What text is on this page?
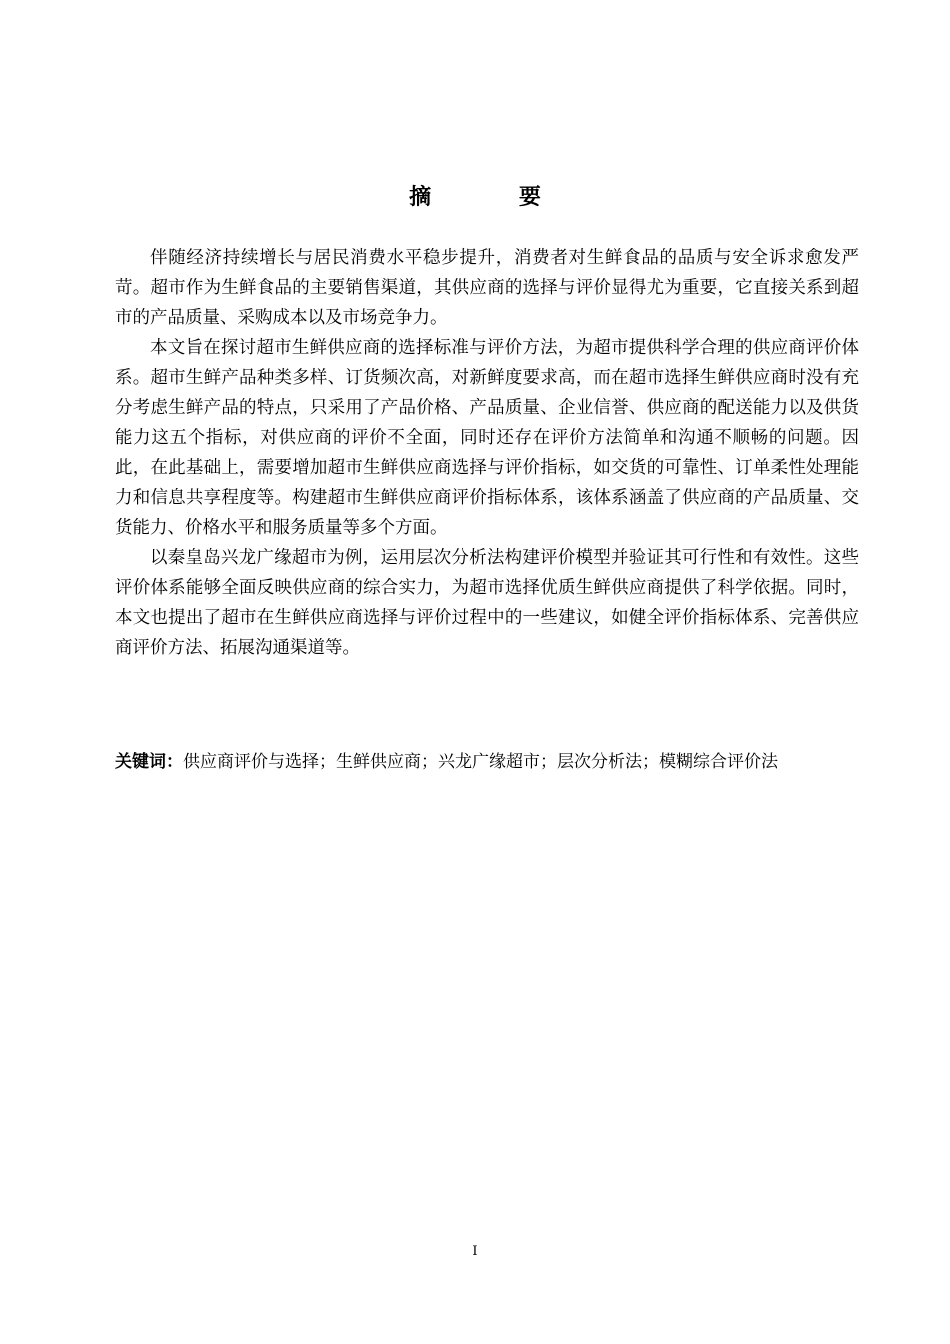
摘 要

伴随经济持续增长与居民消费水平稳步提升，消费者对生鲜食品的品质与安全诉求愈发严苛。超市作为生鲜食品的主要销售渠道，其供应商的选择与评价显得尤为重要，它直接关系到超市的产品质量、采购成本以及市场竞争力。

本文旨在探讨超市生鲜供应商的选择标准与评价方法，为超市提供科学合理的供应商评价体系。超市生鲜产品种类多样、订货频次高，对新鲜度要求高，而在超市选择生鲜供应商时没有充分考虑生鲜产品的特点，只采用了产品价格、产品质量、企业信誉、供应商的配送能力以及供货能力这五个指标，对供应商的评价不全面，同时还存在评价方法简单和沟通不顺畅的问题。因此，在此基础上，需要增加超市生鲜供应商选择与评价指标，如交货的可靠性、订单柔性处理能力和信息共享程度等。构建超市生鲜供应商评价指标体系，该体系涵盖了供应商的产品质量、交货能力、价格水平和服务质量等多个方面。

以秦皇岛兴龙广缘超市为例，运用层次分析法构建评价模型并验证其可行性和有效性。这些评价体系能够全面反映供应商的综合实力，为超市选择优质生鲜供应商提供了科学依据。同时，本文也提出了超市在生鲜供应商选择与评价过程中的一些建议，如健全评价指标体系、完善供应商评价方法、拓展沟通渠道等。

关键词：供应商评价与选择；生鲜供应商；兴龙广缘超市；层次分析法；模糊综合评价法
I
